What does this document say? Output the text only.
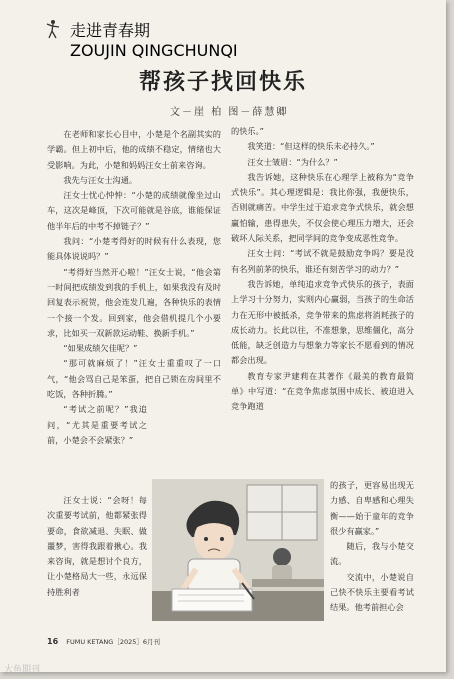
走进青春期
ZOUJIN QINGCHUNQI
帮孩子找回快乐
文－崖 柏 图－薛慧卿

在老师和家长心目中，小楚是个名副其实的学霸。但上初中后，他的成绩不稳定，情绪也大受影响。为此，小楚和妈妈汪女士前来咨询。

我先与汪女士沟通。

汪女士忧心忡忡：“小楚的成绩就像坐过山车，这次是峰顶，下次可能就是谷底，谁能保证他半年后的中考不掉链子？”

我问：“小楚考得好的时候有什么表现，您能具体说说吗？”

“考得好当然开心啦！”汪女士说，“他会第一时间把成绩发到我的手机上，如果我没有及时回复表示祝贺，他会连发几遍，各种快乐的表情一个接一个发。回到家，他会借机提几个小要求，比如买一双新款运动鞋、换新手机。”

“如果成绩欠佳呢？”

“那可就麻烦了！”汪女士重重叹了一口气，“他会骂自己是笨蛋，把自己锁在房间里不吃饭，各种折腾。”

“考试之前呢？”我追问，“尤其是重要考试之前，小楚会不会紧张？”

汪女士说：“会呀！每次重要考试前，他都紧张得要命，食欲减退、失眠、做噩梦，害得我跟着揪心。我来咨询，就是想讨个良方，让小楚格局大一些，永远保持胜利者

的快乐。”

我笑道：“但这样的快乐未必持久。”

汪女士皱眉：“为什么？”

我告诉她，这种快乐在心理学上被称为“竞争式快乐”。其心理逻辑是：我比你强，我便快乐，否则就痛苦。中学生过于追求竞争式快乐，就会想赢怕输，患得患失，不仅会使心理压力增大，还会破坏人际关系，把同学间的竞争变成恶性竞争。

汪女士问：“考试不就是鼓励竞争吗？要是没有名列前茅的快乐，谁还有刻苦学习的动力？”

我告诉她，单纯追求竞争式快乐的孩子，表面上学习十分努力，实则内心赢弱，当孩子的生命活力在无形中被抵杀，竞争带来的焦虑将消耗孩子的成长动力。长此以往，不准想象，思维僵化，高分低能，缺乏创造力与想象力等家长不愿看到的情况都会出现。

教育专家尹建莉在其著作《最美的教育最简单》中写道：“在竞争焦虑氛围中成长、被迫进入竞争跑道

的孩子，更容易出现无力感、自卑感和心理失衡——始于童年的竞争很少有赢家。”

随后，我与小楚交流。

交流中，小楚说自己快不快乐主要看考试结果。他考前担心会

16 FUMU KETANG［2025］6月刊
大鱼期刊
